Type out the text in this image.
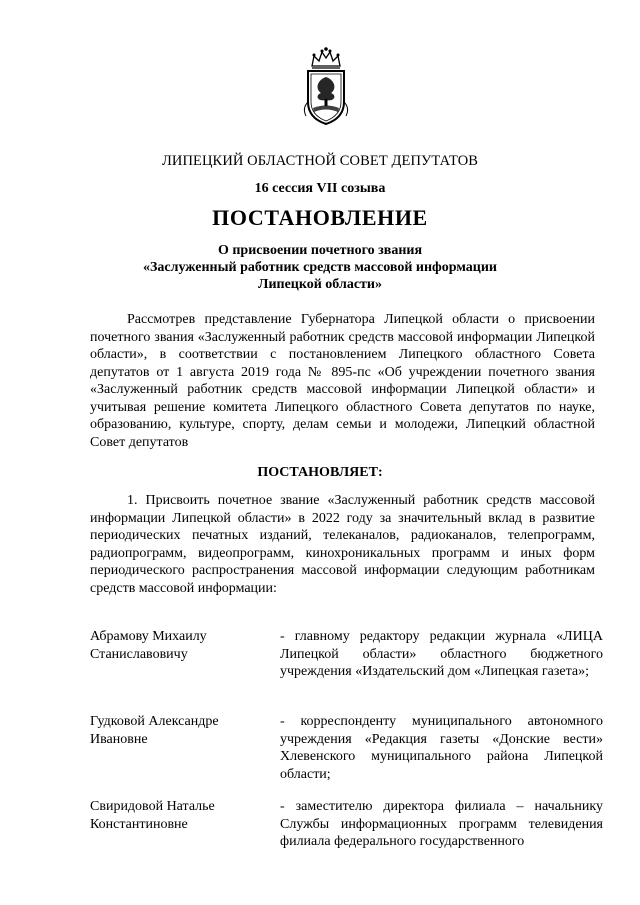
ЛИПЕЦКИЙ ОБЛАСТНОЙ СОВЕТ ДЕПУТАТОВ
16 сессия VII созыва
ПОСТАНОВЛЕНИЕ
О присвоении почетного звания
«Заслуженный работник средств массовой информации
Липецкой области»

Рассмотрев представление Губернатора Липецкой области о присвоении почетного звания «Заслуженный работник средств массовой информации Липецкой области», в соответствии с постановлением Липецкого областного Совета депутатов от 1 августа 2019 года № 895-пс «Об учреждении почетного звания «Заслуженный работник средств массовой информации Липецкой области» и учитывая решение комитета Липецкого областного Совета депутатов по науке, образованию, культуре, спорту, делам семьи и молодежи, Липецкий областной Совет депутатов

ПОСТАНОВЛЯЕТ:

1. Присвоить почетное звание «Заслуженный работник средств массовой информации Липецкой области» в 2022 году за значительный вклад в развитие периодических печатных изданий, телеканалов, радиоканалов, телепрограмм, радиопрограмм, видеопрограмм, кинохроникальных программ и иных форм периодического распространения массовой информации следующим работникам средств массовой информации:

Абрамову Михаилу
Станиславовичу
- главному редактору редакции журнала «ЛИЦА Липецкой области» областного бюджетного учреждения «Издательский дом «Липецкая газета»;
Гудковой Александре
Ивановне
- корреспонденту муниципального автономного учреждения «Редакция газеты «Донские вести» Хлевенского муниципального района Липецкой области;
Свиридовой Наталье
Константиновне
- заместителю директора филиала – начальнику Службы информационных программ телевидения филиала федерального государственного
